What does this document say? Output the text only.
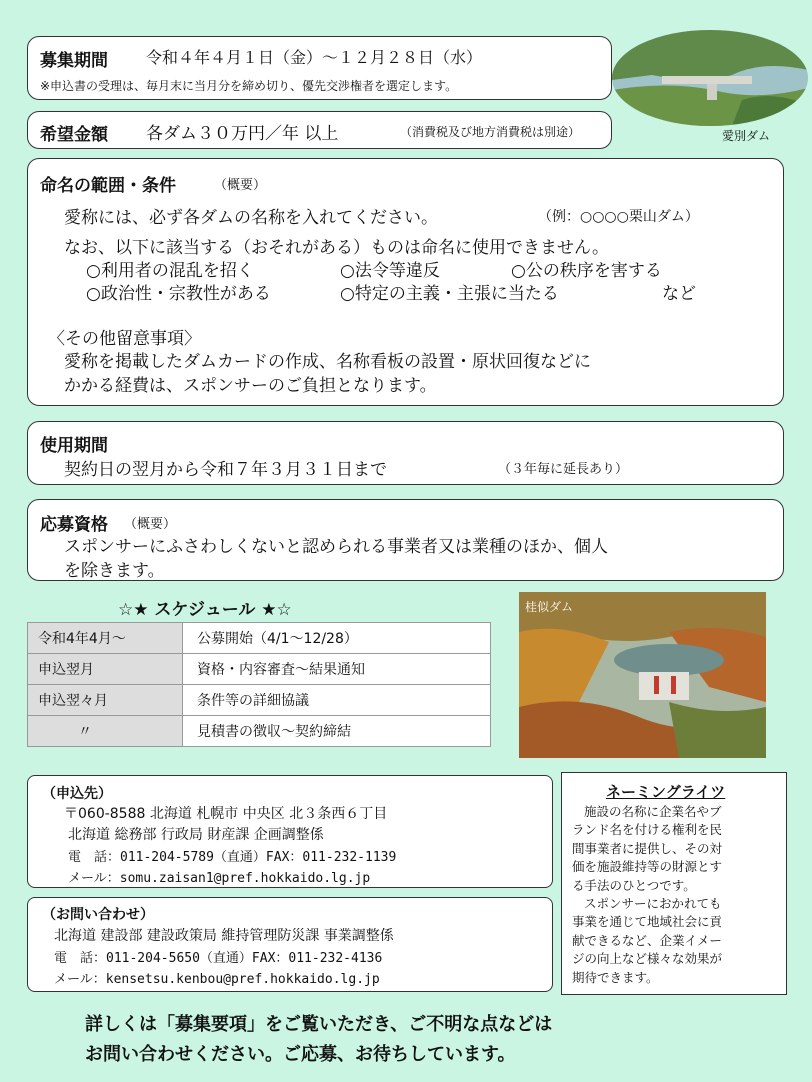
募集期間 令和４年４月１日（金）～１２月２８日（水）
※申込書の受理は、毎月末に当月分を締め切り、優先交渉権者を選定します。
希望金額 各ダム３０万円／年 以上	（消費税及び地方消費税は別途）	愛別ダム
命名の範囲・条件	（概要）
愛称には、必ず各ダムの名称を入れてください。	（例：○○○○栗山ダム）
なお、以下に該当する（おそれがある）ものは命名に使用できません。
○利用者の混乱を招く	○法令等違反	○公の秩序を害する
○政治性・宗教性がある	○特定の主義・主張に当たる	など
〈その他留意事項〉
愛称を掲載したダムカードの作成、名称看板の設置・原状回復などに
かかる経費は、スポンサーのご負担となります。
使用期間
契約日の翌月から令和７年３月３１日まで	（３年毎に延長あり）
応募資格 （概要）
スポンサーにふさわしくないと認められる事業者又は業種のほか、個人
を除きます。
☆★ スケジュール ★☆
令和4年4月～	公募開始（4/1～12/28）
申込翌月	資格・内容審査～結果通知
申込翌々月	条件等の詳細協議
〃	見積書の徴収～契約締結
桂似ダム
（申込先）
〒060-8588 北海道 札幌市 中央区 北３条西６丁目
北海道 総務部 行政局 財産課 企画調整係
電　話：011-204-5789（直通）FAX：011-232-1139
メール：somu.zaisan1@pref.hokkaido.lg.jp
（お問い合わせ）
北海道 建設部 建設政策局 維持管理防災課 事業調整係
電　話：011-204-5650（直通）FAX：011-232-4136
メール：kensetsu.kenbou@pref.hokkaido.lg.jp
ネーミングライツ
施設の名称に企業名やブ
ランド名を付ける権利を民
間事業者に提供し、その対
価を施設維持等の財源とす
る手法のひとつです。
スポンサーにおかれても
事業を通じて地域社会に貢
献できるなど、企業イメー
ジの向上など様々な効果が
期待できます。
詳しくは「募集要項」をご覧いただき、ご不明な点などは
お問い合わせください。ご応募、お待ちしています。
